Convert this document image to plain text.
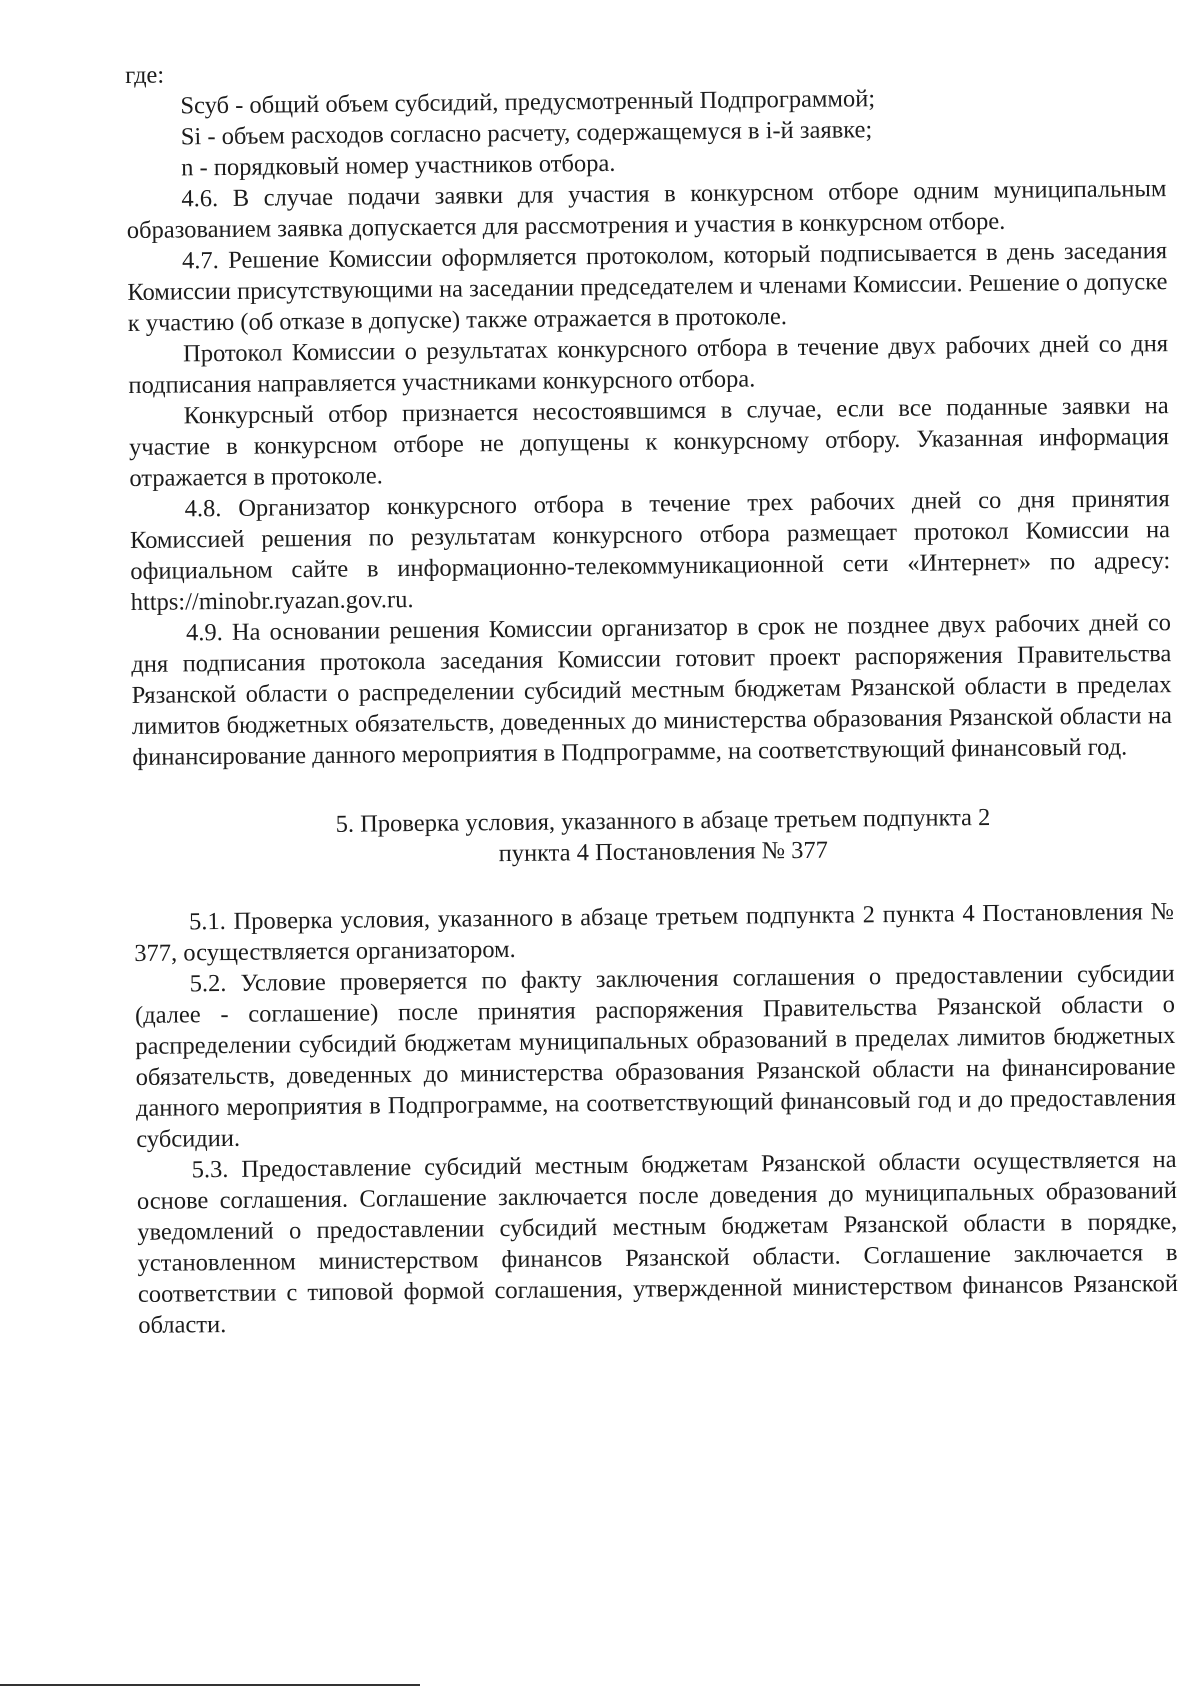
где:

Sсуб - общий объем субсидий, предусмотренный Подпрограммой;

Si - объем расходов согласно расчету, содержащемуся в i-й заявке;

n - порядковый номер участников отбора.

4.6. В случае подачи заявки для участия в конкурсном отборе одним муниципальным образованием заявка допускается для рассмотрения и участия в конкурсном отборе.

4.7. Решение Комиссии оформляется протоколом, который подписывается в день заседания Комиссии присутствующими на заседании председателем и членами Комиссии. Решение о допуске к участию (об отказе в допуске) также отражается в протоколе.

Протокол Комиссии о результатах конкурсного отбора в течение двух рабочих дней со дня подписания направляется участниками конкурсного отбора.

Конкурсный отбор признается несостоявшимся в случае, если все поданные заявки на участие в конкурсном отборе не допущены к конкурсному отбору. Указанная информация отражается в протоколе.

4.8. Организатор конкурсного отбора в течение трех рабочих дней со дня принятия Комиссией решения по результатам конкурсного отбора размещает протокол Комиссии на официальном сайте в информационно-телекоммуникационной сети «Интернет» по адресу: https://minobr.ryazan.gov.ru.

4.9. На основании решения Комиссии организатор в срок не позднее двух рабочих дней со дня подписания протокола заседания Комиссии готовит проект распоряжения Правительства Рязанской области о распределении субсидий местным бюджетам Рязанской области в пределах лимитов бюджетных обязательств, доведенных до министерства образования Рязанской области на финансирование данного мероприятия в Подпрограмме, на соответствующий финансовый год.

5. Проверка условия, указанного в абзаце третьем подпункта 2
пункта 4 Постановления № 377

5.1. Проверка условия, указанного в абзаце третьем подпункта 2 пункта 4 Постановления № 377, осуществляется организатором.

5.2. Условие проверяется по факту заключения соглашения о предоставлении субсидии (далее - соглашение) после принятия распоряжения Правительства Рязанской области о распределении субсидий бюджетам муниципальных образований в пределах лимитов бюджетных обязательств, доведенных до министерства образования Рязанской области на финансирование данного мероприятия в Подпрограмме, на соответствующий финансовый год и до предоставления субсидии.

5.3. Предоставление субсидий местным бюджетам Рязанской области осуществляется на основе соглашения. Соглашение заключается после доведения до муниципальных образований уведомлений о предоставлении субсидий местным бюджетам Рязанской области в порядке, установленном министерством финансов Рязанской области. Соглашение заключается в соответствии с типовой формой соглашения, утвержденной министерством финансов Рязанской области.
